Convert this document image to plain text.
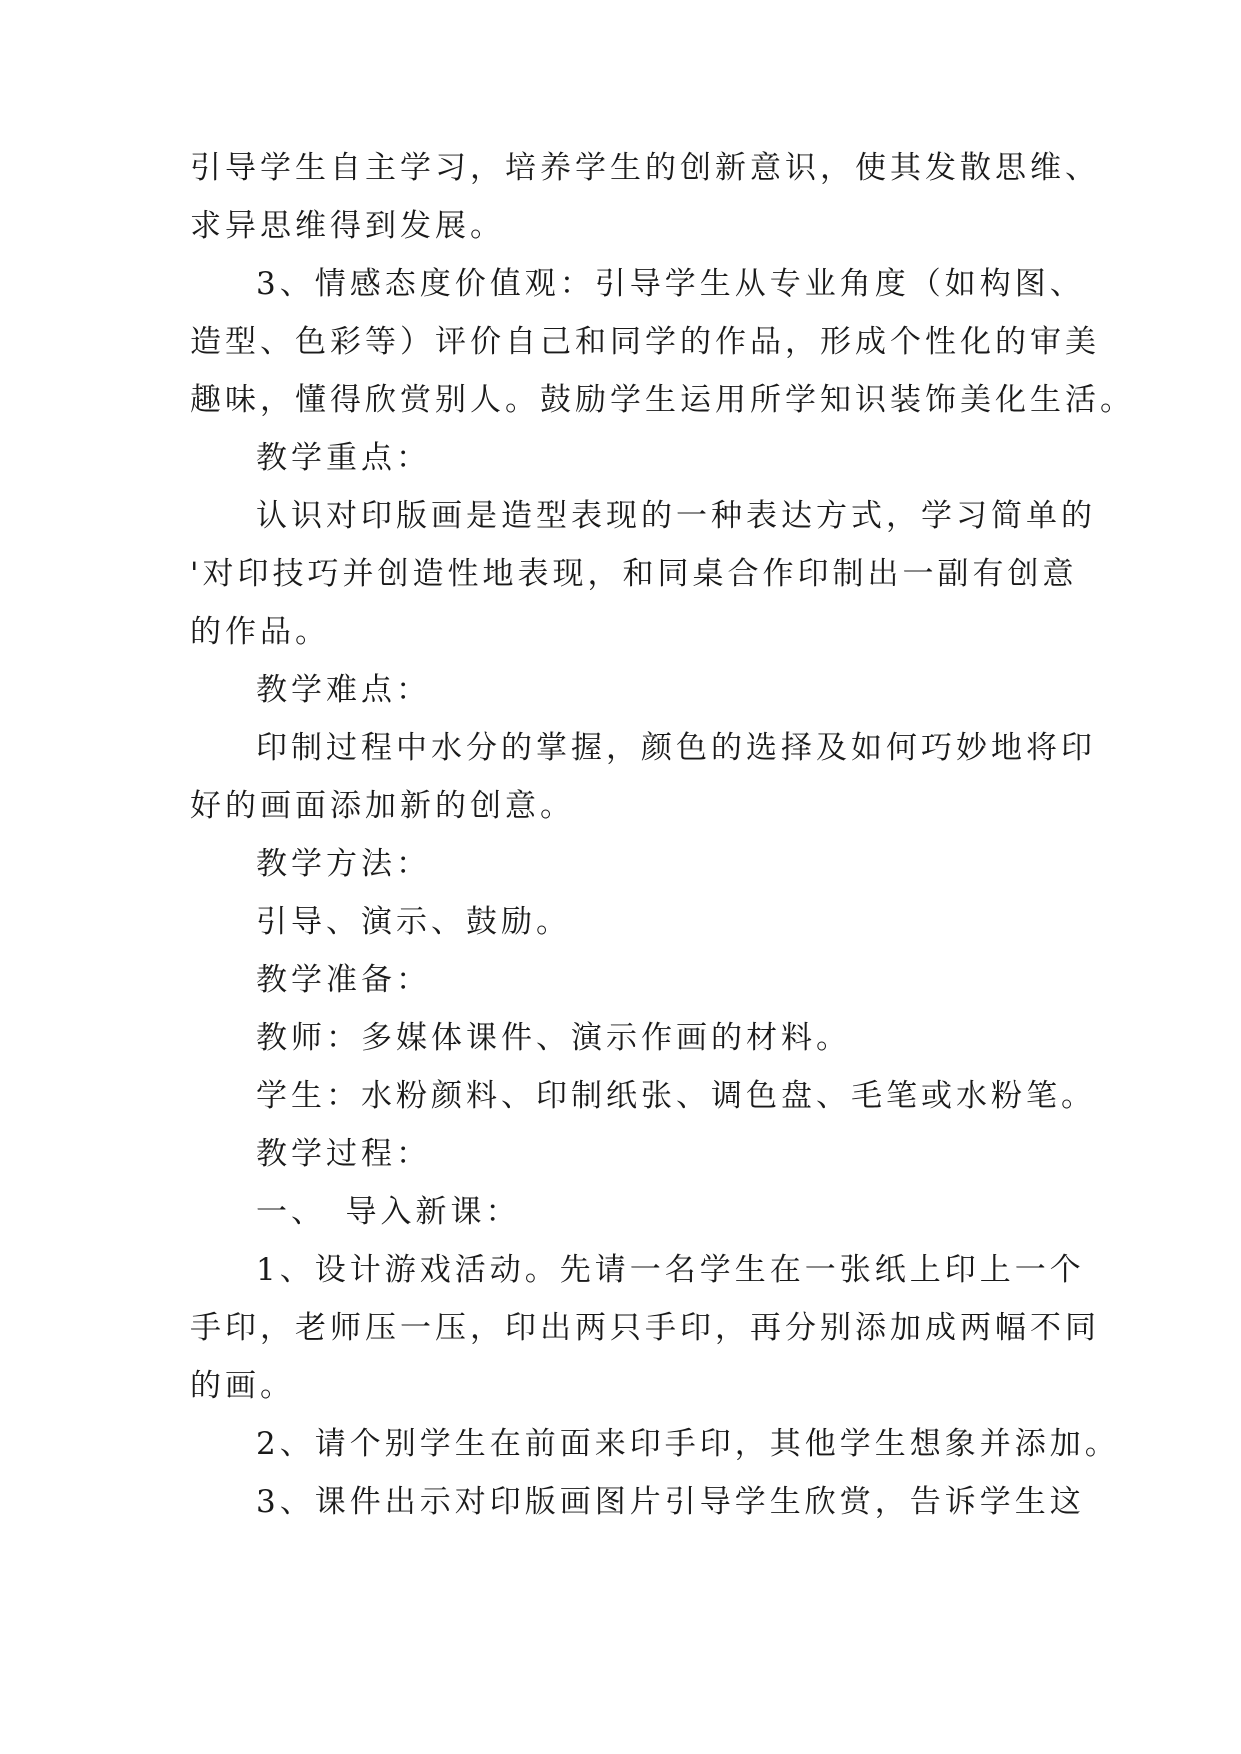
引导学生自主学习，培养学生的创新意识，使其发散思维、
求异思维得到发展。
3、情感态度价值观：引导学生从专业角度（如构图、
造型、色彩等）评价自己和同学的作品，形成个性化的审美
趣味，懂得欣赏别人。鼓励学生运用所学知识装饰美化生活。
教学重点：
认识对印版画是造型表现的一种表达方式，学习简单的
'对印技巧并创造性地表现，和同桌合作印制出一副有创意
的作品。
教学难点：
印制过程中水分的掌握，颜色的选择及如何巧妙地将印
好的画面添加新的创意。
教学方法：
引导、演示、鼓励。
教学准备：
教师：多媒体课件、演示作画的材料。
学生：水粉颜料、印制纸张、调色盘、毛笔或水粉笔。
教学过程：
一、　导入新课：
1、设计游戏活动。先请一名学生在一张纸上印上一个
手印，老师压一压，印出两只手印，再分别添加成两幅不同
的画。
2、请个别学生在前面来印手印，其他学生想象并添加。
3、课件出示对印版画图片引导学生欣赏，告诉学生这
